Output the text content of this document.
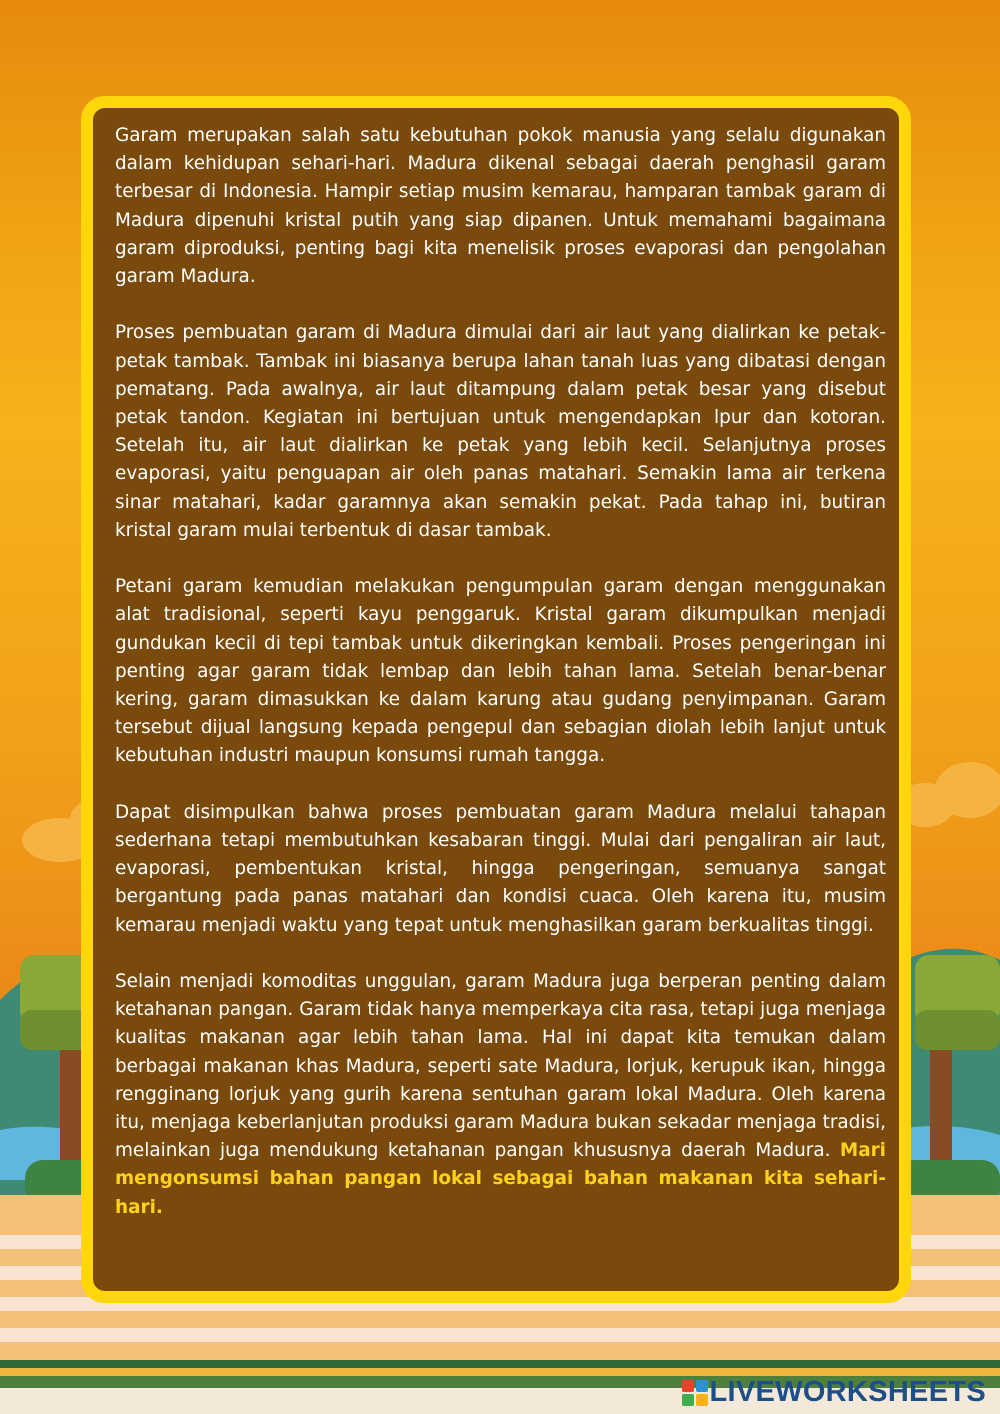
Garam merupakan salah satu kebutuhan pokok manusia yang selalu digunakan dalam kehidupan sehari-hari. Madura dikenal sebagai daerah penghasil garam terbesar di Indonesia. Hampir setiap musim kemarau, hamparan tambak garam di Madura dipenuhi kristal putih yang siap dipanen. Untuk memahami bagaimana garam diproduksi, penting bagi kita menelisik proses evaporasi dan pengolahan garam Madura.

Proses pembuatan garam di Madura dimulai dari air laut yang dialirkan ke petak-petak tambak. Tambak ini biasanya berupa lahan tanah luas yang dibatasi dengan pematang. Pada awalnya, air laut ditampung dalam petak besar yang disebut petak tandon. Kegiatan ini bertujuan untuk mengendapkan lpur dan kotoran. Setelah itu, air laut dialirkan ke petak yang lebih kecil. Selanjutnya proses evaporasi, yaitu penguapan air oleh panas matahari. Semakin lama air terkena sinar matahari, kadar garamnya akan semakin pekat. Pada tahap ini, butiran kristal garam mulai terbentuk di dasar tambak.

Petani garam kemudian melakukan pengumpulan garam dengan menggunakan alat tradisional, seperti kayu penggaruk. Kristal garam dikumpulkan menjadi gundukan kecil di tepi tambak untuk dikeringkan kembali. Proses pengeringan ini penting agar garam tidak lembap dan lebih tahan lama. Setelah benar-benar kering, garam dimasukkan ke dalam karung atau gudang penyimpanan. Garam tersebut dijual langsung kepada pengepul dan sebagian diolah lebih lanjut untuk kebutuhan industri maupun konsumsi rumah tangga.

Dapat disimpulkan bahwa proses pembuatan garam Madura melalui tahapan sederhana tetapi membutuhkan kesabaran tinggi. Mulai dari pengaliran air laut, evaporasi, pembentukan kristal, hingga pengeringan, semuanya sangat bergantung pada panas matahari dan kondisi cuaca. Oleh karena itu, musim kemarau menjadi waktu yang tepat untuk menghasilkan garam berkualitas tinggi.

Selain menjadi komoditas unggulan, garam Madura juga berperan penting dalam ketahanan pangan. Garam tidak hanya memperkaya cita rasa, tetapi juga menjaga kualitas makanan agar lebih tahan lama. Hal ini dapat kita temukan dalam berbagai makanan khas Madura, seperti sate Madura, lorjuk, kerupuk ikan, hingga rengginang lorjuk yang gurih karena sentuhan garam lokal Madura. Oleh karena itu, menjaga keberlanjutan produksi garam Madura bukan sekadar menjaga tradisi, melainkan juga mendukung ketahanan pangan khususnya daerah Madura. Mari mengonsumsi bahan pangan lokal sebagai bahan makanan kita sehari-hari.

LIVEWORKSHEETS
